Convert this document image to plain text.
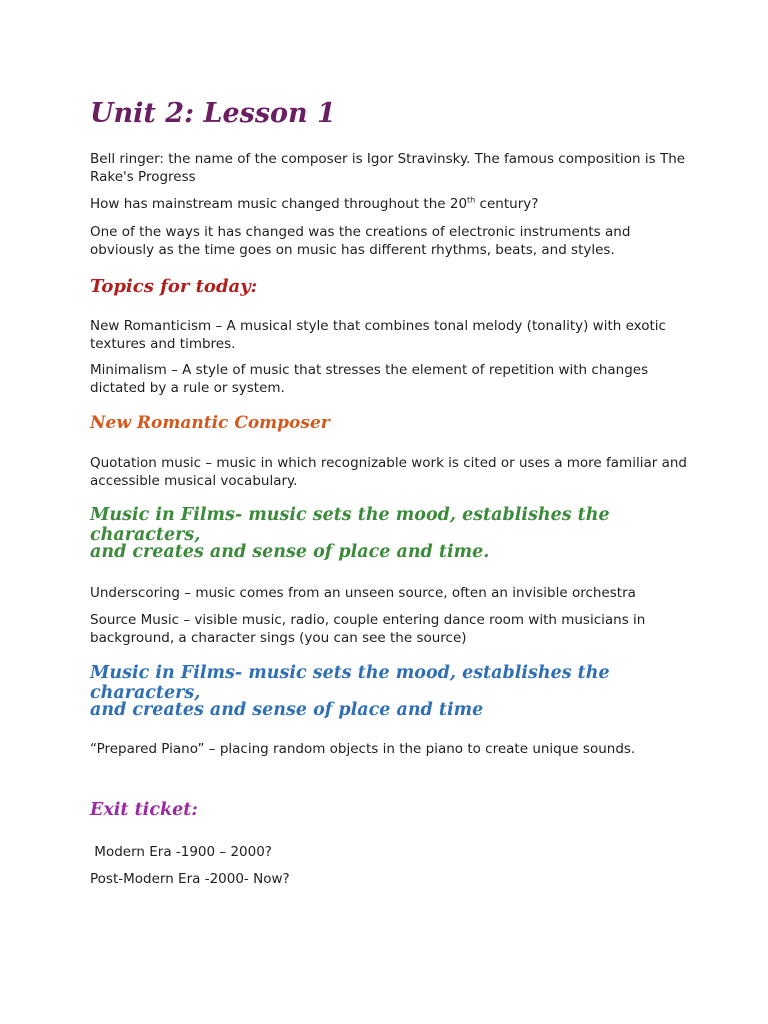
Unit 2: Lesson 1

Bell ringer: the name of the composer is Igor Stravinsky. The famous composition is The Rake's Progress

How has mainstream music changed throughout the 20th century?

One of the ways it has changed was the creations of electronic instruments and obviously as the time goes on music has different rhythms, beats, and styles.

Topics for today:

New Romanticism – A musical style that combines tonal melody (tonality) with exotic textures and timbres.

Minimalism – A style of music that stresses the element of repetition with changes dictated by a rule or system.

New Romantic Composer

Quotation music – music in which recognizable work is cited or uses a more familiar and accessible musical vocabulary.

Music in Films- music sets the mood, establishes the characters,

and creates and sense of place and time.

Underscoring – music comes from an unseen source, often an invisible orchestra

Source Music – visible music, radio, couple entering dance room with musicians in background, a character sings (you can see the source)

Music in Films- music sets the mood, establishes the characters,

and creates and sense of place and time

“Prepared Piano” – placing random objects in the piano to create unique sounds.

Exit ticket:

Modern Era -1900 – 2000?

Post-Modern Era -2000- Now?
